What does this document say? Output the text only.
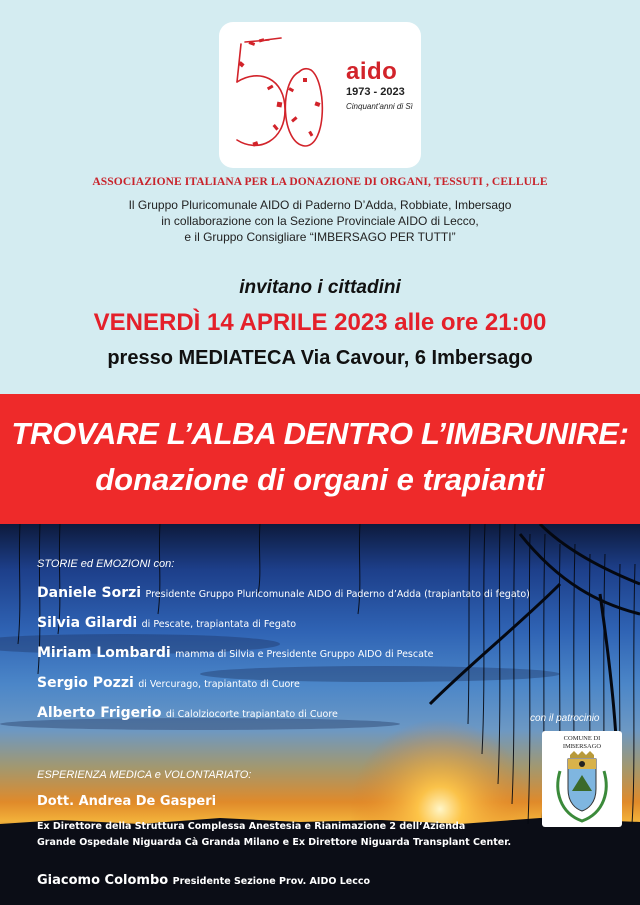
aido
1973 - 2023
Cinquant'anni di Sì
ASSOCIAZIONE ITALIANA PER LA DONAZIONE DI ORGANI, TESSUTI , CELLULE
Il Gruppo Pluricomunale AIDO di Paderno D’Adda, Robbiate, Imbersago
in collaborazione con la Sezione Provinciale AIDO di Lecco,
e il Gruppo Consigliare “IMBERSAGO PER TUTTI”
invitano i cittadini
VENERDÌ 14 APRILE 2023 alle ore 21:00
presso MEDIATECA Via Cavour, 6 Imbersago
TROVARE L’ALBA DENTRO L’IMBRUNIRE:
donazione di organi e trapianti
STORIE ed EMOZIONI con:
Daniele Sorzi Presidente Gruppo Pluricomunale AIDO di Paderno d’Adda (trapiantato di fegato)
Silvia Gilardi di Pescate, trapiantata di Fegato
Miriam Lombardi mamma di Silvia e Presidente Gruppo AIDO di Pescate
Sergio Pozzi di Vercurago, trapiantato di Cuore
Alberto Frigerio di Calolziocorte trapiantato di Cuore
ESPERIENZA MEDICA e VOLONTARIATO:
Dott. Andrea De Gasperi
Ex Direttore della Struttura Complessa Anestesia e Rianimazione 2 dell’Azienda
Grande Ospedale Niguarda Cà Granda Milano e Ex Direttore Niguarda Transplant Center.
Giacomo Colombo Presidente Sezione Prov. AIDO Lecco
con il patrocinio
COMUNE DI
IMBERSAGO
